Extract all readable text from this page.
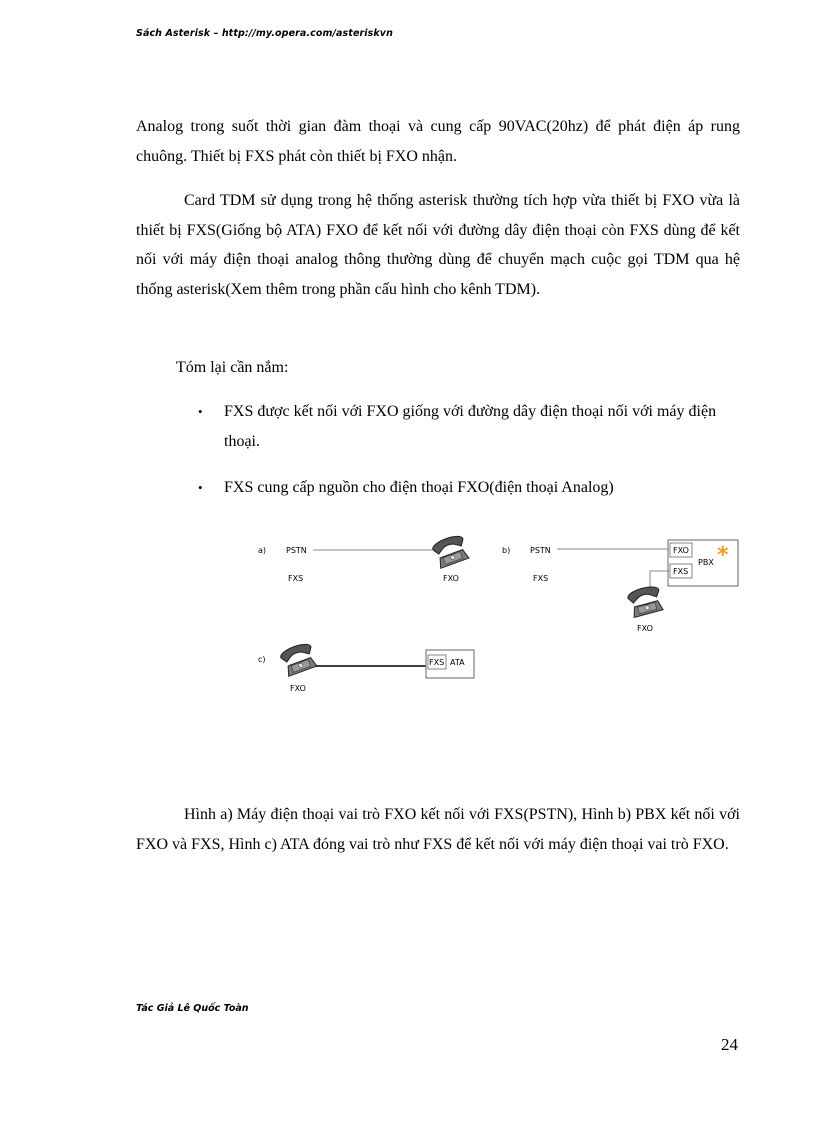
Sách Asterisk – http://my.opera.com/asteriskvn

Analog trong suốt thời gian đàm thoại và cung cấp 90VAC(20hz) để phát điện áp rung chuông. Thiết bị FXS phát còn thiết bị FXO nhận.

Card TDM sử dụng trong hệ thống asterisk thường tích hợp vừa thiết bị FXO vừa là thiết bị FXS(Giống bộ ATA) FXO để kết nối với đường dây điện thoại còn FXS dùng để kết nối với máy điện thoại analog thông thường dùng để chuyển mạch cuộc gọi TDM qua hệ thống asterisk(Xem thêm trong phần cấu hình cho kênh TDM).

Tóm lại cần nắm:

• FXS được kết nối với FXO giống với đường dây điện thoại nối với máy điện thoại.
• FXS cung cấp nguồn cho điện thoại FXO(điện thoại Analog)
a) PSTN
FXS	FXO
b) PSTN
FXS
FXO
FXS
PBX *
FXO
c)
FXO
FXS ATA

Hình a) Máy điện thoại vai trò FXO kết nối với FXS(PSTN), Hình b) PBX kết nối với FXO và FXS, Hình c) ATA đóng vai trò như FXS để kết nối với máy điện thoại vai trò FXO.

Tác Giả Lê Quốc Toàn
24
